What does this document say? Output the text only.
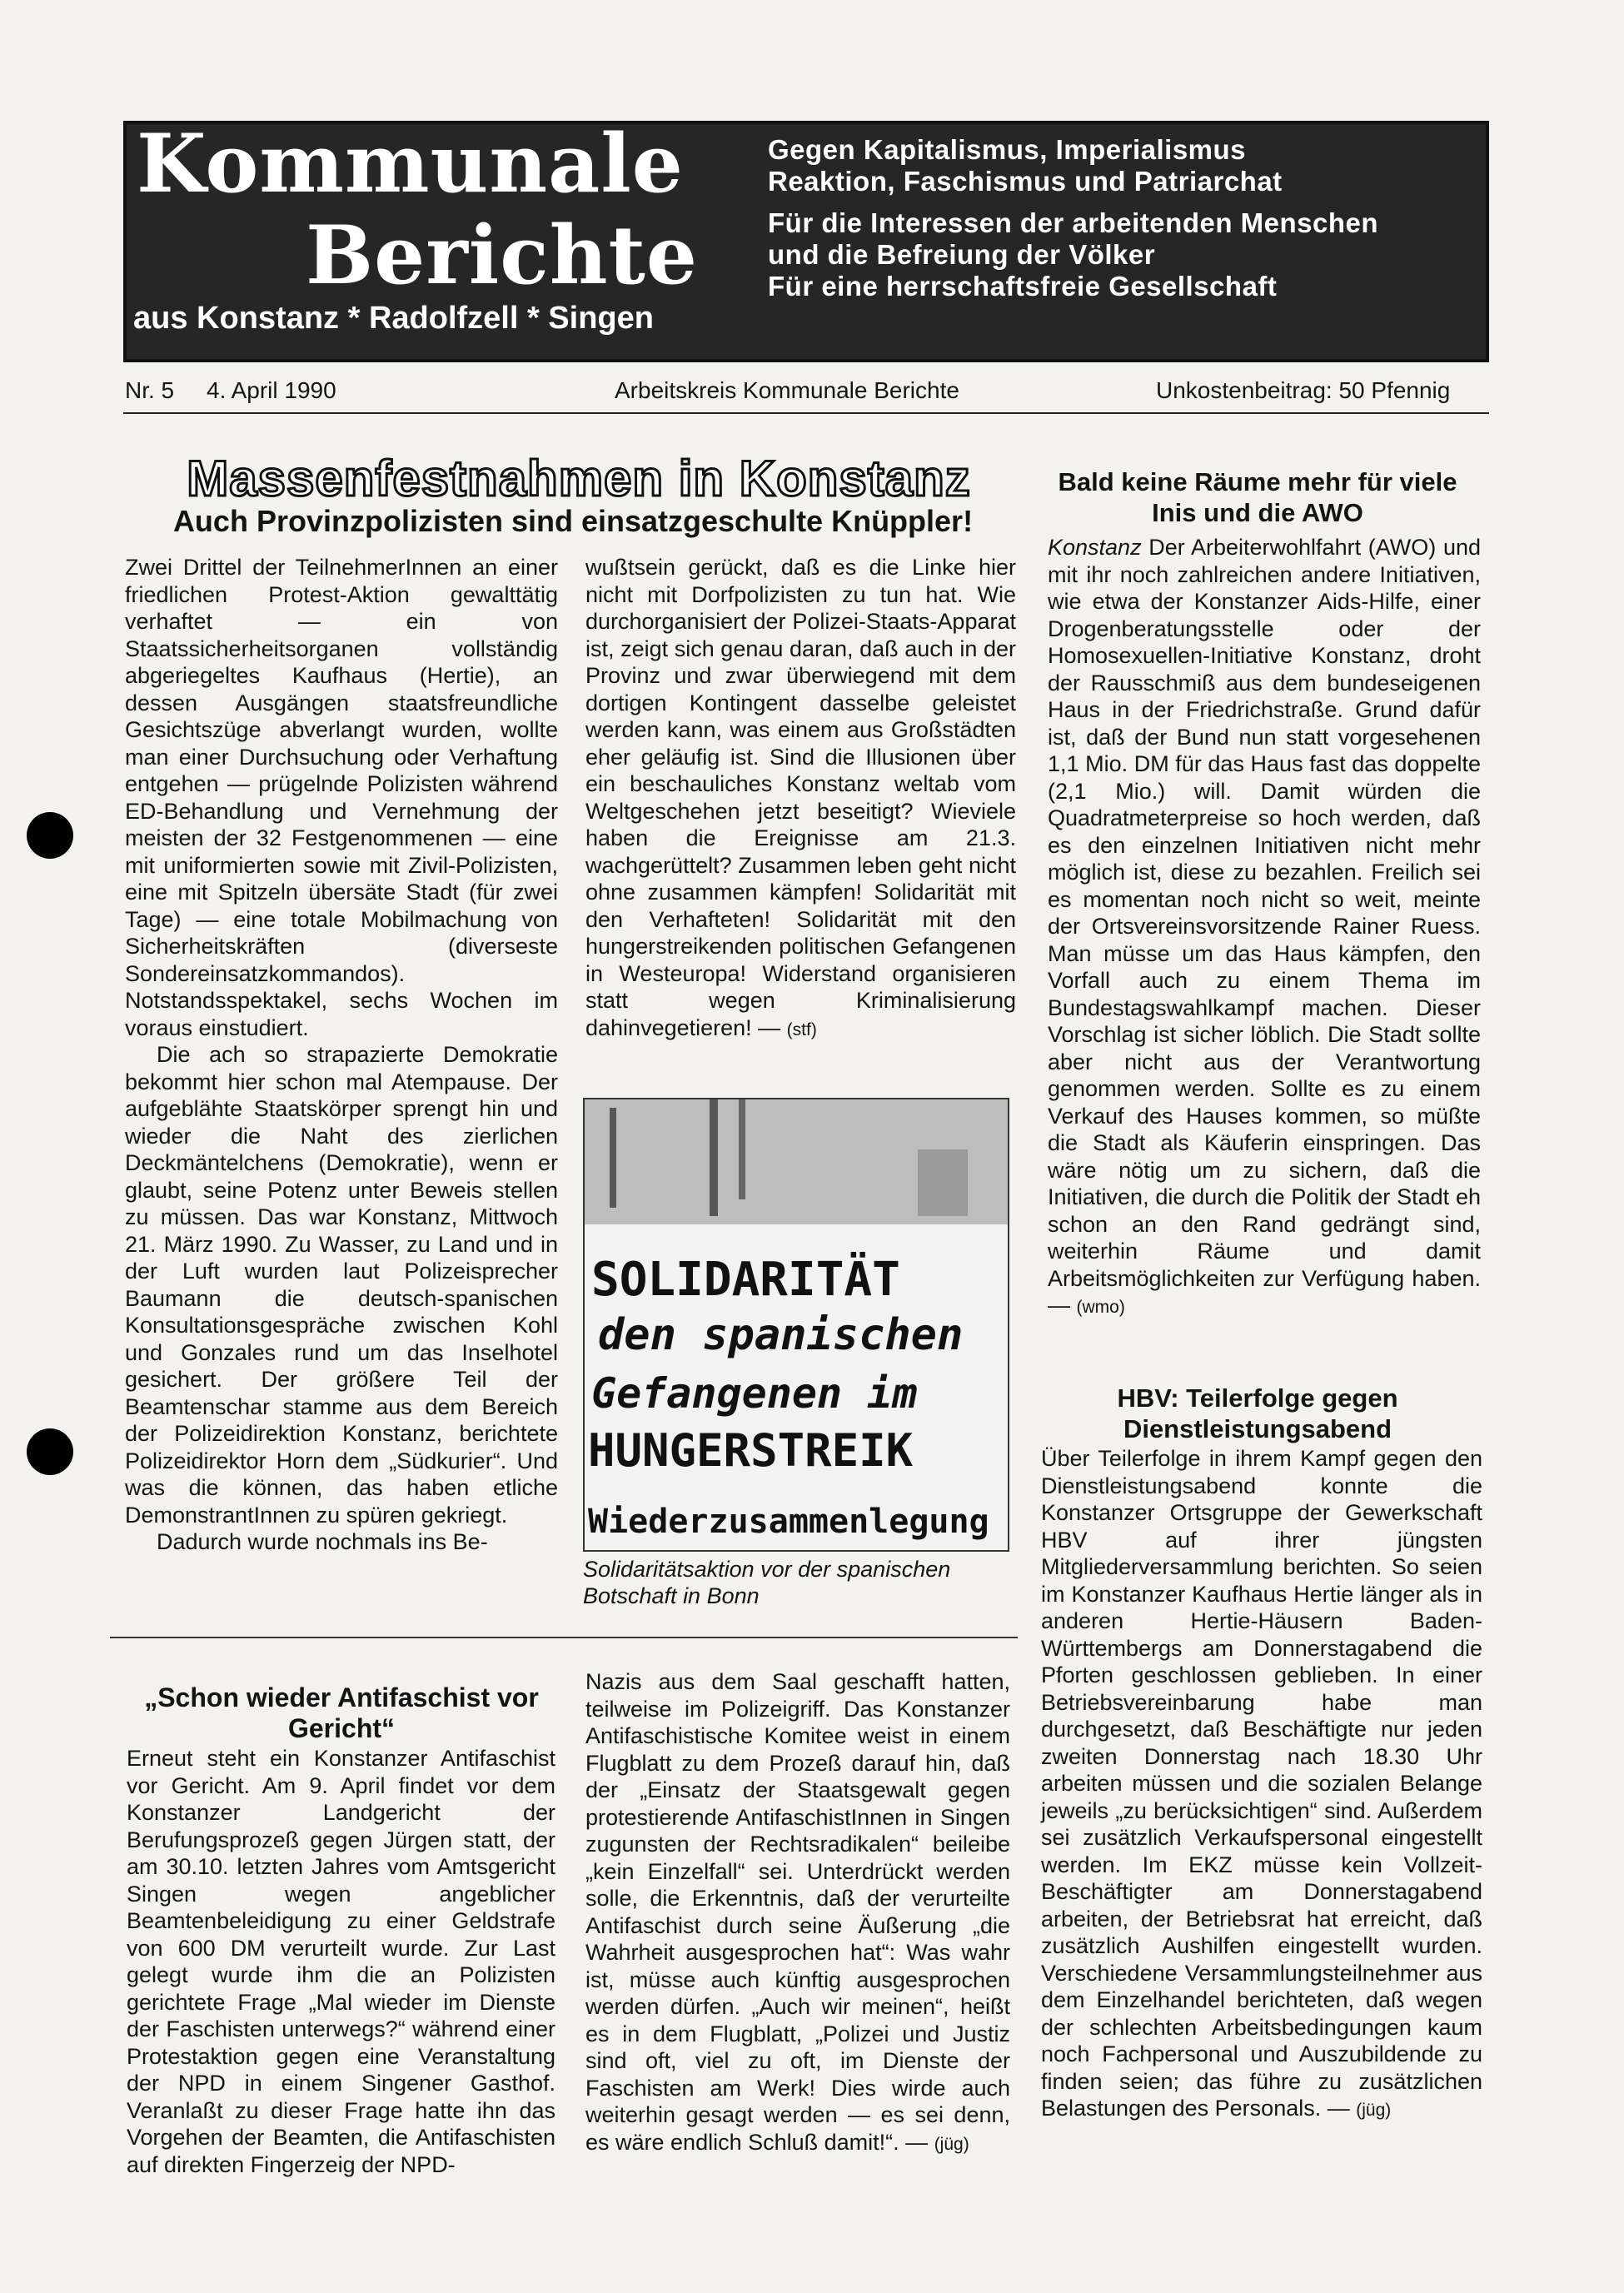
Kommunale
Berichte
aus Konstanz * Radolfzell * Singen
Gegen Kapitalismus, Imperialismus
Reaktion, Faschismus und Patriarchat
Für die Interessen der arbeitenden Menschen
und die Befreiung der Völker
Für eine herrschaftsfreie Gesellschaft
Nr. 5 4. April 1990	Arbeitskreis Kommunale Berichte	Unkostenbeitrag: 50 Pfennig
Massenfestnahmen in Konstanz
Auch Provinzpolizisten sind einsatzgeschulte Knüppler!

Zwei Drittel der TeilnehmerInnen an einer friedlichen Protest-Aktion gewalttätig verhaftet — ein von Staatssicherheitsorganen vollständig abgeriegeltes Kaufhaus (Hertie), an dessen Ausgängen staatsfreundliche Gesichtszüge abverlangt wurden, wollte man einer Durchsuchung oder Verhaftung entgehen — prügelnde Polizisten während ED-Behandlung und Vernehmung der meisten der 32 Festgenommenen — eine mit uniformierten sowie mit Zivil-Polizisten, eine mit Spitzeln übersäte Stadt (für zwei Tage) — eine totale Mobilmachung von Sicherheitskräften (diverseste Sondereinsatzkommandos). Notstandsspektakel, sechs Wochen im voraus einstudiert.

Die ach so strapazierte Demokratie bekommt hier schon mal Atempause. Der aufgeblähte Staatskörper sprengt hin und wieder die Naht des zierlichen Deckmäntelchens (Demokratie), wenn er glaubt, seine Potenz unter Beweis stellen zu müssen. Das war Konstanz, Mittwoch 21. März 1990. Zu Wasser, zu Land und in der Luft wurden laut Polizeisprecher Baumann die deutsch-spanischen Konsultationsgespräche zwischen Kohl und Gonzales rund um das Inselhotel gesichert. Der größere Teil der Beamtenschar stamme aus dem Bereich der Polizeidirektion Konstanz, berichtete Polizeidirektor Horn dem „Südkurier“. Und was die können, das haben etliche DemonstrantInnen zu spüren gekriegt.

Dadurch wurde nochmals ins Be-

wußtsein gerückt, daß es die Linke hier nicht mit Dorfpolizisten zu tun hat. Wie durchorganisiert der Polizei-Staats-Apparat ist, zeigt sich genau daran, daß auch in der Provinz und zwar überwiegend mit dem dortigen Kontingent dasselbe geleistet werden kann, was einem aus Großstädten eher geläufig ist. Sind die Illusionen über ein beschauliches Konstanz weltab vom Weltgeschehen jetzt beseitigt? Wieviele haben die Ereignisse am 21.3. wachgerüttelt? Zusammen leben geht nicht ohne zusammen kämpfen! Solidarität mit den Verhafteten! Solidarität mit den hungerstreikenden politischen Gefangenen in Westeuropa! Widerstand organisieren statt wegen Kriminalisierung dahinvegetieren! — (stf)

SOLIDARITÄT
den spanischen
Gefangenen im
HUNGERSTREIK
Wiederzusammenlegung
Solidaritätsaktion vor der spanischen Botschaft in Bonn
Bald keine Räume mehr für viele Inis und die AWO

Konstanz Der Arbeiterwohlfahrt (AWO) und mit ihr noch zahlreichen andere Initiativen, wie etwa der Konstanzer Aids-Hilfe, einer Drogenberatungsstelle oder der Homosexuellen-Initiative Konstanz, droht der Rausschmiß aus dem bundeseigenen Haus in der Friedrichstraße. Grund dafür ist, daß der Bund nun statt vorgesehenen 1,1 Mio. DM für das Haus fast das doppelte (2,1 Mio.) will. Damit würden die Quadratmeterpreise so hoch werden, daß es den einzelnen Initiativen nicht mehr möglich ist, diese zu bezahlen. Freilich sei es momentan noch nicht so weit, meinte der Ortsvereinsvorsitzende Rainer Ruess. Man müsse um das Haus kämpfen, den Vorfall auch zu einem Thema im Bundestagswahlkampf machen. Dieser Vorschlag ist sicher löblich. Die Stadt sollte aber nicht aus der Verantwortung genommen werden. Sollte es zu einem Verkauf des Hauses kommen, so müßte die Stadt als Käuferin einspringen. Das wäre nötig um zu sichern, daß die Initiativen, die durch die Politik der Stadt eh schon an den Rand gedrängt sind, weiterhin Räume und damit Arbeitsmöglichkeiten zur Verfügung haben. — (wmo)

HBV: Teilerfolge gegen Dienstleistungsabend

Über Teilerfolge in ihrem Kampf gegen den Dienstleistungsabend konnte die Konstanzer Ortsgruppe der Gewerkschaft HBV auf ihrer jüngsten Mitgliederversammlung berichten. So seien im Konstanzer Kaufhaus Hertie länger als in anderen Hertie-Häusern Baden-Württembergs am Donnerstagabend die Pforten geschlossen geblieben. In einer Betriebsvereinbarung habe man durchgesetzt, daß Beschäftigte nur jeden zweiten Donnerstag nach 18.30 Uhr arbeiten müssen und die sozialen Belange jeweils „zu berücksichtigen“ sind. Außerdem sei zusätzlich Verkaufspersonal eingestellt werden. Im EKZ müsse kein Vollzeit-Beschäftigter am Donnerstagabend arbeiten, der Betriebsrat hat erreicht, daß zusätzlich Aushilfen eingestellt wurden. Verschiedene Versammlungsteilnehmer aus dem Einzelhandel berichteten, daß wegen der schlechten Arbeitsbedingungen kaum noch Fachpersonal und Auszubildende zu finden seien; das führe zu zusätzlichen Belastungen des Personals. — (jüg)

„Schon wieder Antifaschist vor Gericht“

Erneut steht ein Konstanzer Antifaschist vor Gericht. Am 9. April findet vor dem Konstanzer Landgericht der Berufungsprozeß gegen Jürgen statt, der am 30.10. letzten Jahres vom Amtsgericht Singen wegen angeblicher Beamtenbeleidigung zu einer Geldstrafe von 600 DM verurteilt wurde. Zur Last gelegt wurde ihm die an Polizisten gerichtete Frage „Mal wieder im Dienste der Faschisten unterwegs?“ während einer Protestaktion gegen eine Veranstaltung der NPD in einem Singener Gasthof. Veranlaßt zu dieser Frage hatte ihn das Vorgehen der Beamten, die Antifaschisten auf direkten Fingerzeig der NPD-

Nazis aus dem Saal geschafft hatten, teilweise im Polizeigriff. Das Konstanzer Antifaschistische Komitee weist in einem Flugblatt zu dem Prozeß darauf hin, daß der „Einsatz der Staatsgewalt gegen protestierende AntifaschistInnen in Singen zugunsten der Rechtsradikalen“ beileibe „kein Einzelfall“ sei. Unterdrückt werden solle, die Erkenntnis, daß der verurteilte Antifaschist durch seine Äußerung „die Wahrheit ausgesprochen hat“: Was wahr ist, müsse auch künftig ausgesprochen werden dürfen. „Auch wir meinen“, heißt es in dem Flugblatt, „Polizei und Justiz sind oft, viel zu oft, im Dienste der Faschisten am Werk! Dies wirde auch weiterhin gesagt werden — es sei denn, es wäre endlich Schluß damit!“. — (jüg)
